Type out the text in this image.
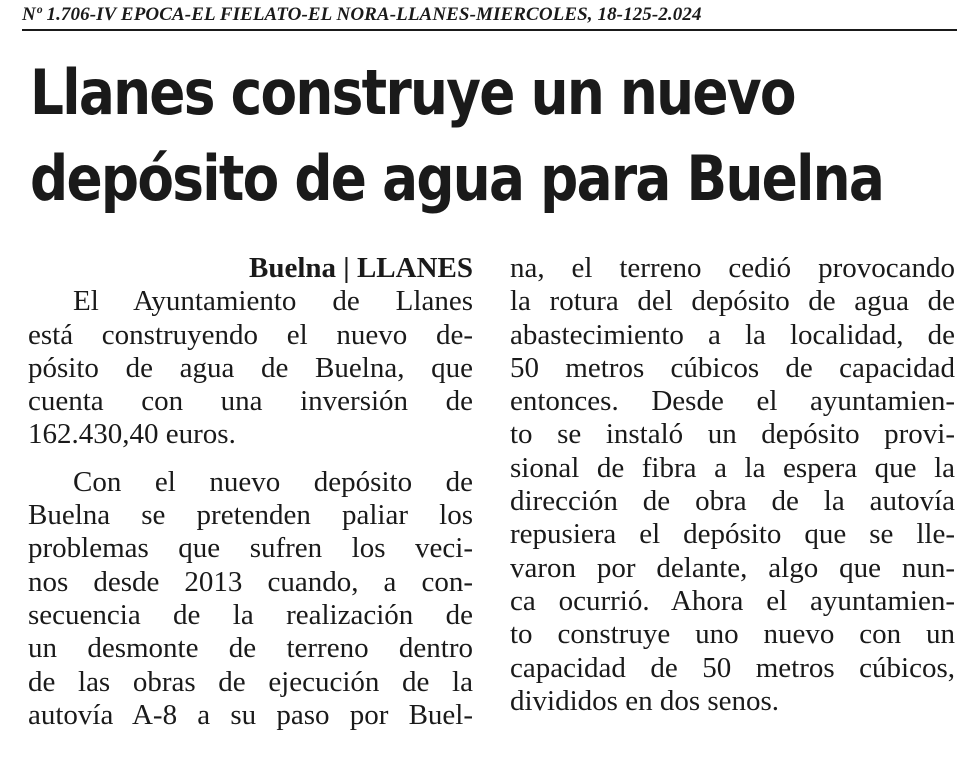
Nº 1.706-IV EPOCA-EL FIELATO-EL NORA-LLANES-MIERCOLES, 18-125-2.024
Llanes construye un nuevo
depósito de agua para Buelna
Buelna | LLANES
El Ayuntamiento de Llanes
está construyendo el nuevo de-
pósito de agua de Buelna, que
cuenta con una inversión de
162.430,40 euros.
Con el nuevo depósito de
Buelna se pretenden paliar los
problemas que sufren los veci-
nos desde 2013 cuando, a con-
secuencia de la realización de
un desmonte de terreno dentro
de las obras de ejecución de la
autovía A-8 a su paso por Buel-
na, el terreno cedió provocando
la rotura del depósito de agua de
abastecimiento a la localidad, de
50 metros cúbicos de capacidad
entonces. Desde el ayuntamien-
to se instaló un depósito provi-
sional de fibra a la espera que la
dirección de obra de la autovía
repusiera el depósito que se lle-
varon por delante, algo que nun-
ca ocurrió. Ahora el ayuntamien-
to construye uno nuevo con un
capacidad de 50 metros cúbicos,
divididos en dos senos.
